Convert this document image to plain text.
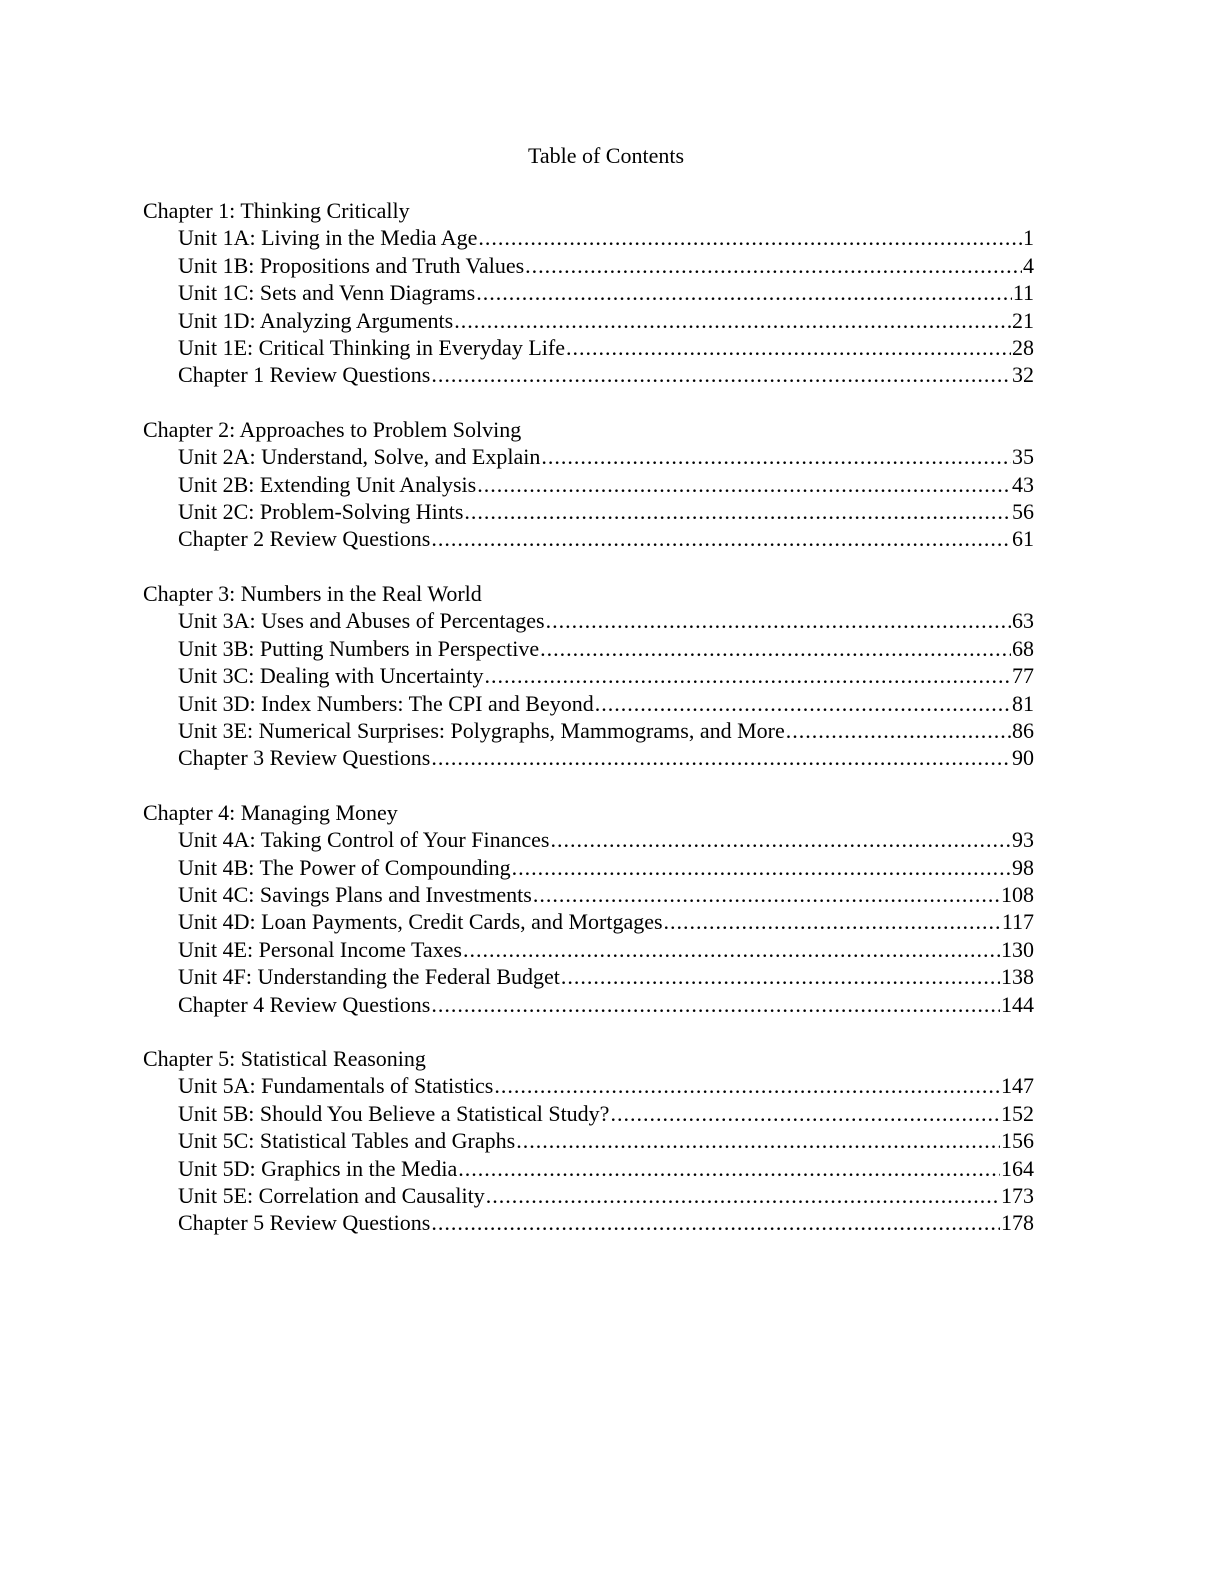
Table of Contents
Chapter 1: Thinking Critically
Unit 1A: Living in the Media Age .....	1
Unit 1B: Propositions and Truth Values .....	4
Unit 1C: Sets and Venn Diagrams .....	11
Unit 1D: Analyzing Arguments .....	21
Unit 1E: Critical Thinking in Everyday Life .....	28
Chapter 1 Review Questions .....	32
Chapter 2: Approaches to Problem Solving
Unit 2A: Understand, Solve, and Explain .....	35
Unit 2B: Extending Unit Analysis .....	43
Unit 2C: Problem-Solving Hints .....	56
Chapter 2 Review Questions .....	61
Chapter 3: Numbers in the Real World
Unit 3A: Uses and Abuses of Percentages .....	63
Unit 3B: Putting Numbers in Perspective .....	68
Unit 3C: Dealing with Uncertainty .....	77
Unit 3D: Index Numbers: The CPI and Beyond .....	81
Unit 3E: Numerical Surprises: Polygraphs, Mammograms, and More .....	86
Chapter 3 Review Questions .....	90
Chapter 4: Managing Money
Unit 4A: Taking Control of Your Finances .....	93
Unit 4B: The Power of Compounding .....	98
Unit 4C: Savings Plans and Investments .....	108
Unit 4D: Loan Payments, Credit Cards, and Mortgages .....	117
Unit 4E: Personal Income Taxes .....	130
Unit 4F: Understanding the Federal Budget .....	138
Chapter 4 Review Questions .....	144
Chapter 5: Statistical Reasoning
Unit 5A: Fundamentals of Statistics .....	147
Unit 5B: Should You Believe a Statistical Study? .....	152
Unit 5C: Statistical Tables and Graphs .....	156
Unit 5D: Graphics in the Media .....	164
Unit 5E: Correlation and Causality .....	173
Chapter 5 Review Questions .....	178
